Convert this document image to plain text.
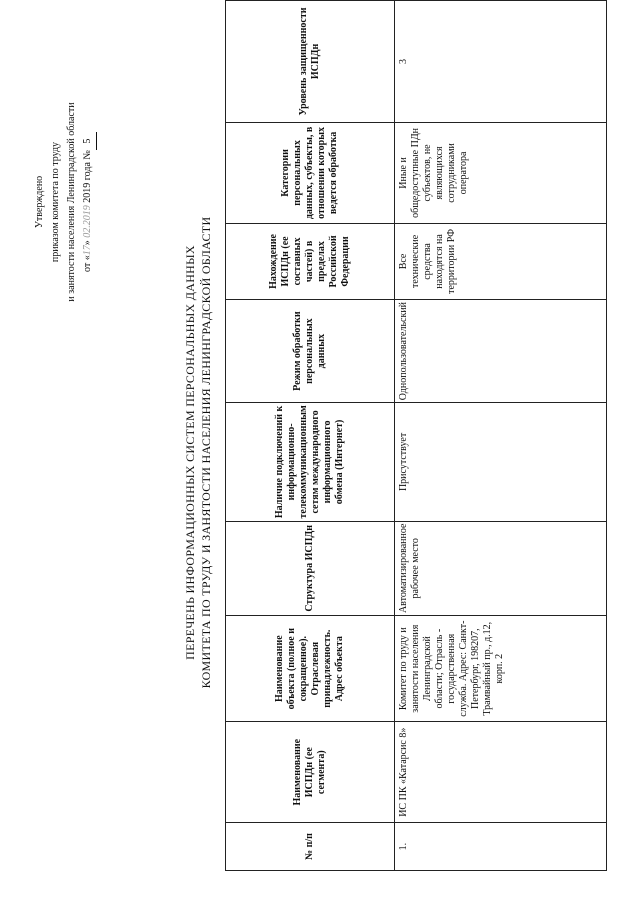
Утверждено приказом комитета по труду и занятости населения Ленинградской области от «17» 02.2019 2019 года №5
ПЕРЕЧЕНЬ ИНФОРМАЦИОННЫХ СИСТЕМ ПЕРСОНАЛЬНЫХ ДАННЫХ КОМИТЕТА ПО ТРУДУ И ЗАНЯТОСТИ НАСЕЛЕНИЯ ЛЕНИНГРАДСКОЙ ОБЛАСТИ
№ п/п	Наименование ИСПДн (ее сегмента)	Наименование объекта (полное и сокращенное). Отраслевая принадлежность. Адрес объекта	Структура ИСПДн	Наличие подключений к информационно-телекоммуникационным сетям международного информационного обмена (Интернет)	Режим обработки персональных данных	Нахождение ИСПДн (ее составных частей) в пределах Российской Федерации	Категории персональных данных, субъекты, в отношении которых ведется обработка	Уровень защищенности ИСПДн
1.	ИС ПК «Катарсис 8»	Комитет по труду и занятости населения Ленинградской области; Отрасль - государственная служба. Адрес: Санкт-Петербург, 198207, Трамвайный пр., д.12, корп. 2	Автоматизированное рабочее место	Присутствует	Однопользовательский	Все технические средства находятся на территории РФ	Иные и общедоступные ПДн субъектов, не являющихся сотрудниками оператора	3
